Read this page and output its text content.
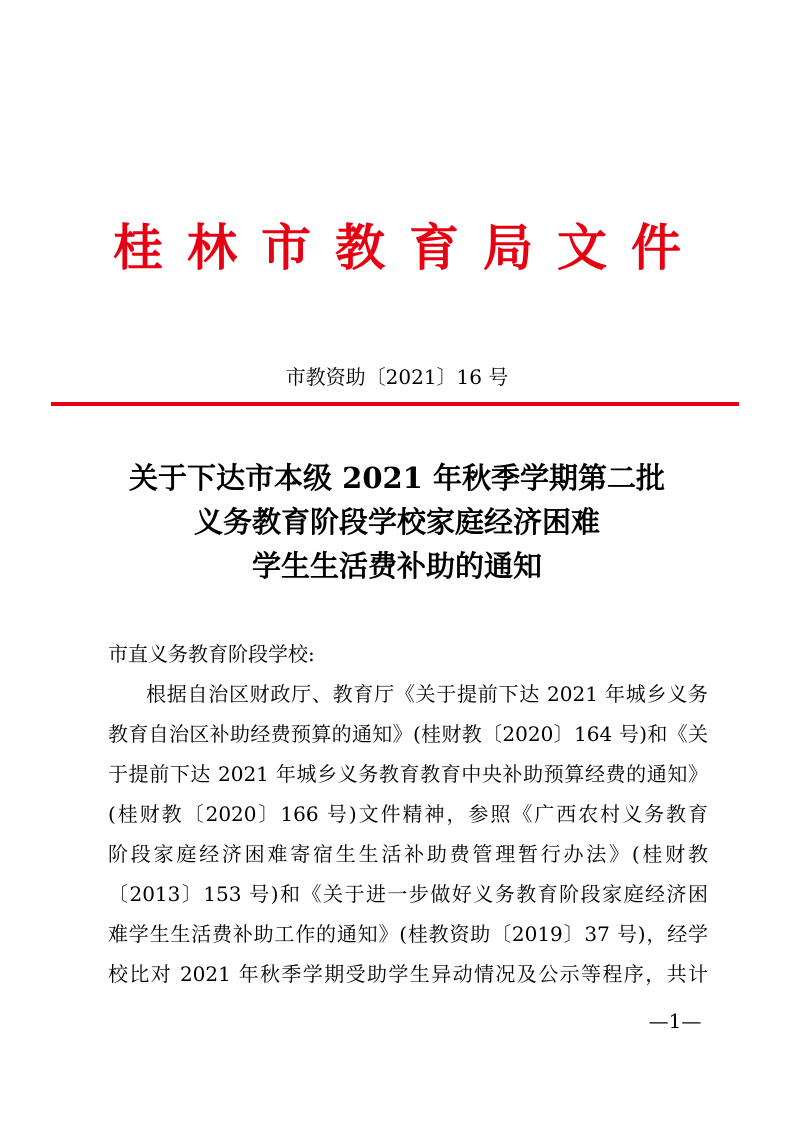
桂林市教育局文件
市教资助〔2021〕16 号
关于下达市本级 2021 年秋季学期第二批
义务教育阶段学校家庭经济困难
学生生活费补助的通知
市直义务教育阶段学校:
根据自治区财政厅、教育厅《关于提前下达 2021 年城乡义务
教育自治区补助经费预算的通知》(桂财教〔2020〕164 号)和《关
于提前下达 2021 年城乡义务教育教育中央补助预算经费的通知》
(桂财教〔2020〕166 号)文件精神，参照《广西农村义务教育
阶段家庭经济困难寄宿生生活补助费管理暂行办法》(桂财教
〔2013〕153 号)和《关于进一步做好义务教育阶段家庭经济困
难学生生活费补助工作的通知》(桂教资助〔2019〕37 号)，经学
校比对 2021 年秋季学期受助学生异动情况及公示等程序，共计
—1—
